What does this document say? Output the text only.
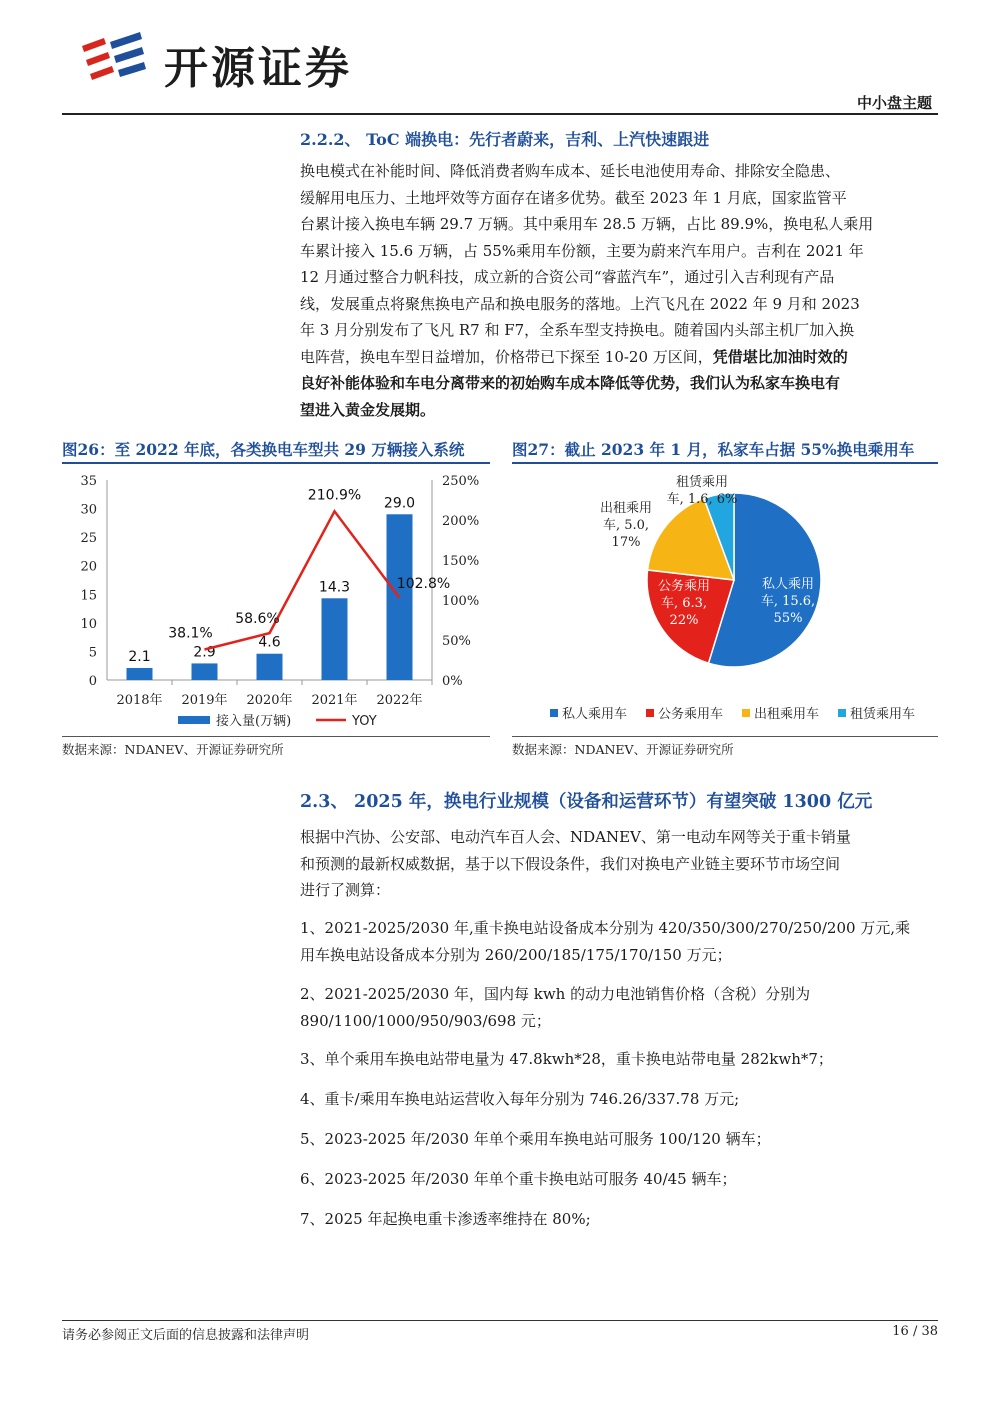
开源证券
中小盘主题
2.2.2、 ToC 端换电：先行者蔚来，吉利、上汽快速跟进
换电模式在补能时间、降低消费者购车成本、延长电池使用寿命、排除安全隐患、
缓解用电压力、土地坪效等方面存在诸多优势。截至 2023 年 1 月底，国家监管平
台累计接入换电车辆 29.7 万辆。其中乘用车 28.5 万辆，占比 89.9%，换电私人乘用
车累计接入 15.6 万辆，占 55%乘用车份额，主要为蔚来汽车用户。吉利在 2021 年
12 月通过整合力帆科技，成立新的合资公司“睿蓝汽车”，通过引入吉利现有产品
线，发展重点将聚焦换电产品和换电服务的落地。上汽飞凡在 2022 年 9 月和 2023
年 3 月分别发布了飞凡 R7 和 F7，全系车型支持换电。随着国内头部主机厂加入换
电阵营，换电车型日益增加，价格带已下探至 10-20 万区间，凭借堪比加油时效的
良好补能体验和车电分离带来的初始购车成本降低等优势，我们认为私家车换电有
望进入黄金发展期。
图26：至 2022 年底，各类换电车型共 29 万辆接入系统	图27：截止 2023 年 1 月，私家车占据 55%换电乘用车
0
5
10
15
20
25
30
35
0%
50%
100%
150%
200%
250%
2.1
2018年
2.9
2019年
4.6
2020年
14.3
2021年
29.0
2022年
38.1%
58.6%
210.9%
102.8%
接入量(万辆)	YOY
私人乘用车, 15.6, 55%
公务乘用车, 6.3, 22%
出租乘用车, 5.0, 17%
租赁乘用车, 1.6, 6%
私人乘用车 公务乘用车 出租乘用车 租赁乘用车
数据来源：NDANEV、开源证券研究所	数据来源：NDANEV、开源证券研究所
2.3、 2025 年，换电行业规模（设备和运营环节）有望突破 1300 亿元
根据中汽协、公安部、电动汽车百人会、NDANEV、第一电动车网等关于重卡销量
和预测的最新权威数据，基于以下假设条件，我们对换电产业链主要环节市场空间
进行了测算：
1、2021-2025/2030 年,重卡换电站设备成本分别为 420/350/300/270/250/200 万元,乘
用车换电站设备成本分别为 260/200/185/175/170/150 万元；
2、2021-2025/2030 年，国内每 kwh 的动力电池销售价格（含税）分别为
890/1100/1000/950/903/698 元；
3、单个乘用车换电站带电量为 47.8kwh*28，重卡换电站带电量 282kwh*7；
4、重卡/乘用车换电站运营收入每年分别为 746.26/337.78 万元;
5、2023-2025 年/2030 年单个乘用车换电站可服务 100/120 辆车；
6、2023-2025 年/2030 年单个重卡换电站可服务 40/45 辆车；
7、2025 年起换电重卡渗透率维持在 80%;
请务必参阅正文后面的信息披露和法律声明	16 / 38
